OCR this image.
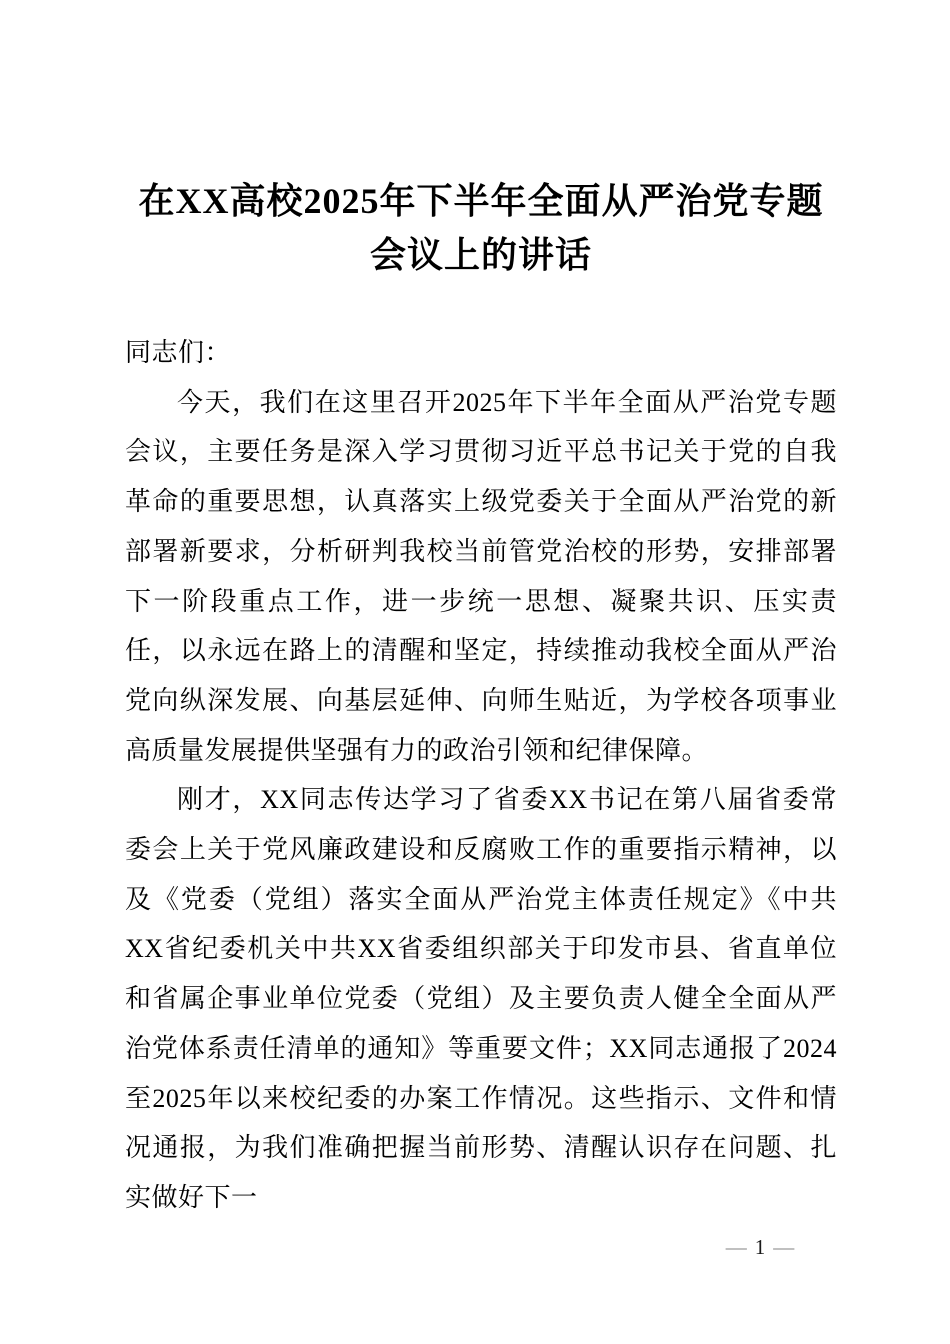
在XX高校2025年下半年全面从严治党专题
会议上的讲话

同志们：

今天，我们在这里召开2025年下半年全面从严治党专题会议，主要任务是深入学习贯彻习近平总书记关于党的自我革命的重要思想，认真落实上级党委关于全面从严治党的新部署新要求，分析研判我校当前管党治校的形势，安排部署下一阶段重点工作，进一步统一思想、凝聚共识、压实责任，以永远在路上的清醒和坚定，持续推动我校全面从严治党向纵深发展、向基层延伸、向师生贴近，为学校各项事业高质量发展提供坚强有力的政治引领和纪律保障。

刚才，XX同志传达学习了省委XX书记在第八届省委常委会上关于党风廉政建设和反腐败工作的重要指示精神，以及《党委（党组）落实全面从严治党主体责任规定》《中共XX省纪委机关中共XX省委组织部关于印发市县、省直单位和省属企事业单位党委（党组）及主要负责人健全全面从严治党体系责任清单的通知》等重要文件；XX同志通报了2024至2025年以来校纪委的办案工作情况。这些指示、文件和情况通报，为我们准确把握当前形势、清醒认识存在问题、扎实做好下一

— 1 —
